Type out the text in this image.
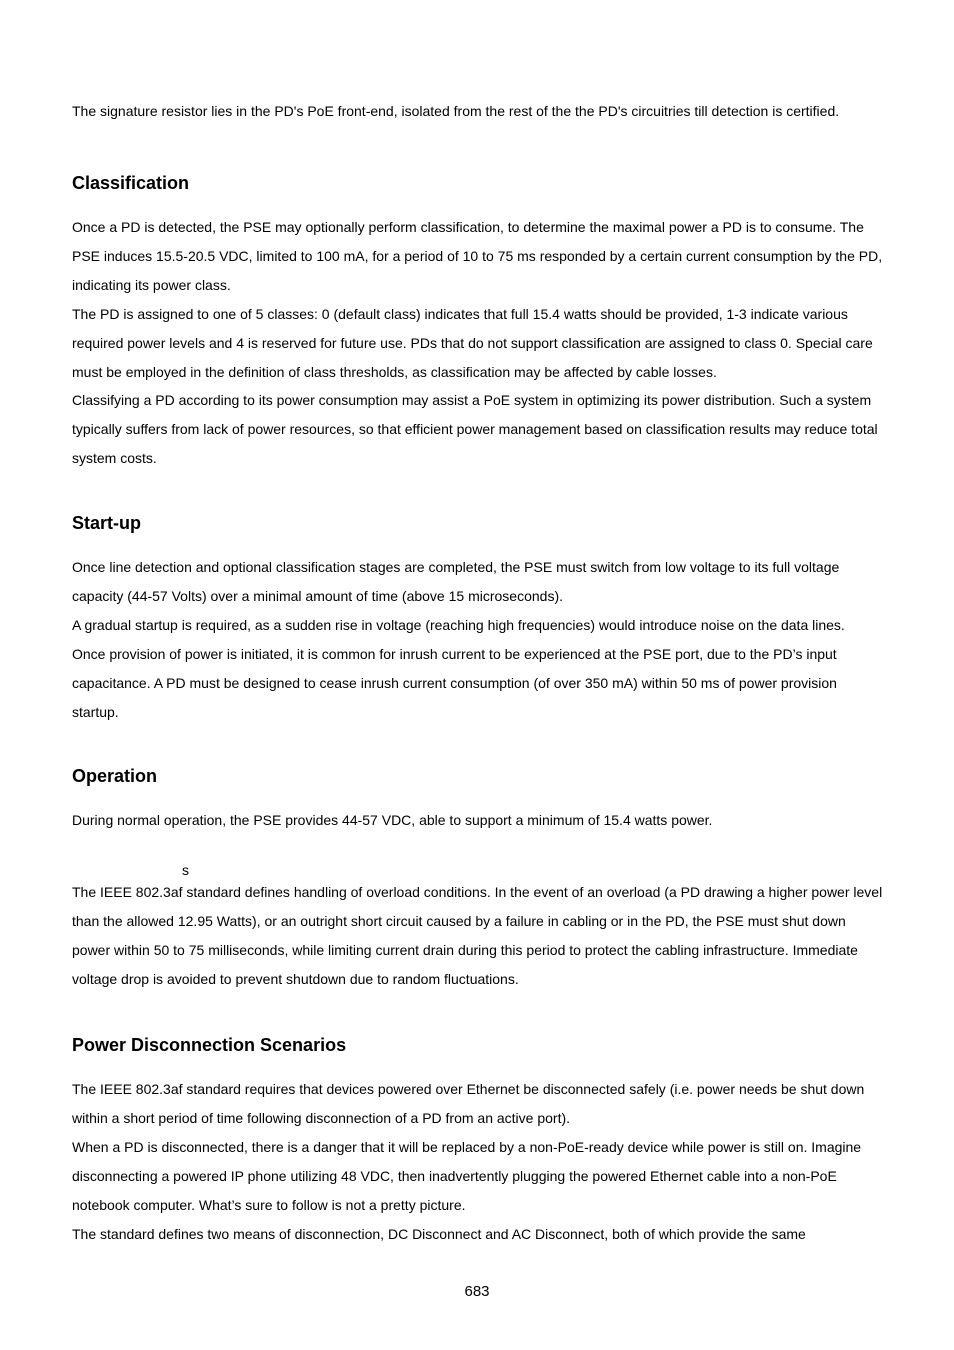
The signature resistor lies in the PD's PoE front-end, isolated from the rest of the the PD's circuitries till detection is certified.

Classification

Once a PD is detected, the PSE may optionally perform classification, to determine the maximal power a PD is to consume. The PSE induces 15.5-20.5 VDC, limited to 100 mA, for a period of 10 to 75 ms responded by a certain current consumption by the PD, indicating its power class.

The PD is assigned to one of 5 classes: 0 (default class) indicates that full 15.4 watts should be provided, 1-3 indicate various required power levels and 4 is reserved for future use. PDs that do not support classification are assigned to class 0. Special care must be employed in the definition of class thresholds, as classification may be affected by cable losses.

Classifying a PD according to its power consumption may assist a PoE system in optimizing its power distribution. Such a system typically suffers from lack of power resources, so that efficient power management based on classification results may reduce total system costs.

Start-up

Once line detection and optional classification stages are completed, the PSE must switch from low voltage to its full voltage capacity (44-57 Volts) over a minimal amount of time (above 15 microseconds).

A gradual startup is required, as a sudden rise in voltage (reaching high frequencies) would introduce noise on the data lines.

Once provision of power is initiated, it is common for inrush current to be experienced at the PSE port, due to the PD’s input capacitance. A PD must be designed to cease inrush current consumption (of over 350 mA) within 50 ms of power provision startup.

Operation

During normal operation, the PSE provides 44-57 VDC, able to support a minimum of 15.4 watts power.

s

The IEEE 802.3af standard defines handling of overload conditions. In the event of an overload (a PD drawing a higher power level than the allowed 12.95 Watts), or an outright short circuit caused by a failure in cabling or in the PD, the PSE must shut down power within 50 to 75 milliseconds, while limiting current drain during this period to protect the cabling infrastructure. Immediate voltage drop is avoided to prevent shutdown due to random fluctuations.

Power Disconnection Scenarios

The IEEE 802.3af standard requires that devices powered over Ethernet be disconnected safely (i.e. power needs be shut down within a short period of time following disconnection of a PD from an active port).

When a PD is disconnected, there is a danger that it will be replaced by a non-PoE-ready device while power is still on. Imagine disconnecting a powered IP phone utilizing 48 VDC, then inadvertently plugging the powered Ethernet cable into a non-PoE notebook computer. What’s sure to follow is not a pretty picture.

The standard defines two means of disconnection, DC Disconnect and AC Disconnect, both of which provide the same

683
